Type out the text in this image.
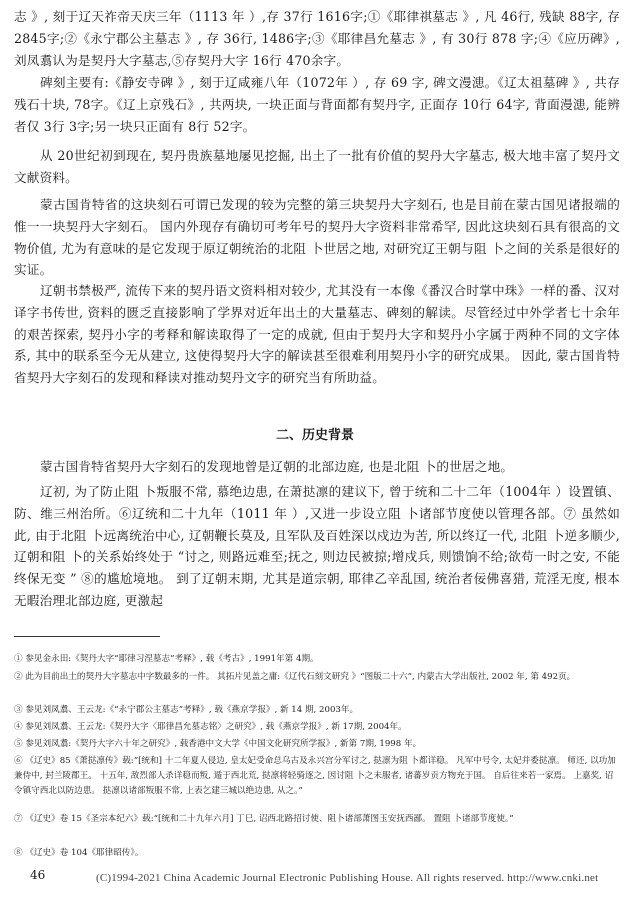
志 》, 刻于辽天祚帝天庆三年（1113 年 ）,存 37行 1616字;①《耶律祺墓志 》, 凡 46行, 残缺 88字, 存 2845字;②《永宁郡公主墓志 》, 存 36行, 1486字;③《耶律昌允墓志 》, 有 30行 878 字;④《应历碑》, 刘凤翥认为是契丹大字墓志,⑤存契丹大字 16行 470余字。

碑刻主要有:《静安寺碑 》, 刻于辽咸雍八年（1072年 ）, 存 69 字, 碑文漫漶。《辽太祖墓碑 》, 共存残石十块, 78字。《辽上京残石》, 共两块, 一块正面与背面都有契丹字, 正面存 10行 64字, 背面漫漶, 能辨者仅 3行 3字;另一块只正面有 8行 52字。

从 20世纪初到现在, 契丹贵族墓地屡见挖掘, 出土了一批有价值的契丹大字墓志, 极大地丰富了契丹文文献资料。

蒙古国肯特省的这块刻石可谓已发现的较为完整的第三块契丹大字刻石, 也是目前在蒙古国见诸报端的惟一一块契丹大字刻石。 国内外现存有确切可考年号的契丹大字资料非常希罕, 因此这块刻石具有很高的文物价值, 尤为有意味的是它发现于原辽朝统治的北阻 卜世居之地, 对研究辽王朝与阻 卜之间的关系是很好的实证。

辽朝书禁极严, 流传下来的契丹语文资料相对较少, 尤其没有一本像《番汉合时掌中珠》一样的番、汉对译字书传世, 资料的匮乏直接影响了学界对近年出土的大量墓志、碑刻的解读。尽管经过中外学者七十余年的艰苦探索, 契丹小字的考释和解读取得了一定的成就, 但由于契丹大字和契丹小字属于两种不同的文字体系, 其中的联系至今无从建立, 这使得契丹大字的解读甚至很难利用契丹小字的研究成果。 因此, 蒙古国肯特省契丹大字刻石的发现和释读对推动契丹文字的研究当有所助益。

二、历史背景

蒙古国肯特省契丹大字刻石的发现地曾是辽朝的北部边庭, 也是北阻 卜的世居之地。

辽初, 为了防止阻 卜叛服不常, 慕绝边患, 在萧挞凛的建议下, 曾于统和二十二年（1004年 ）设置镇、防、维三州治所。⑥辽统和二十九年（1011 年 ）,又进一步设立阻 卜诸部节度使以管理各部。⑦ 虽然如此, 由于北阻 卜远离统治中心, 辽朝鞭长莫及, 且军队及百姓深以戍边为苦, 所以终辽一代, 北阻 卜逆多顺少, 辽朝和阻 卜的关系始终处于 “讨之, 则路远难至;抚之, 则边民被掠;增戍兵, 则馈饷不给;欲苟一时之安, 不能终保无变 ” ⑧的尴尬境地。 到了辽朝末期, 尤其是道宗朝, 耶律乙辛乱国, 统治者佞佛喜猎, 荒淫无度, 根本无暇治理北部边庭, 更激起

① 参见金永田:《契丹大字“耶律习涅墓志”考释》, 载《考古》, 1991年第 4期。

② 此为目前出土的契丹大字墓志中字数最多的一件。 其拓片见盖之庸:《辽代石刻文研究 》“图版二十六”, 内蒙古大学出版社, 2002 年, 第 492页。

③ 参见刘凤翥、王云龙:《“永宁郡公主墓志”考释》, 载《燕京学报》, 新 14 期, 2003年。

④ 参见刘凤翥、王云龙:《契丹大字〈耶律昌允墓志铭〉之研究》, 载《燕京学报》, 新 17期, 2004年。

⑤ 参见刘凤翥:《契丹大字六十年之研究》, 载香港中文大学《中国文化研究所学报》, 新第 7期, 1998 年。

⑥ 《辽史》85《萧挞凛传》载:“[统和] 十二年夏人侵边, 皇太妃受命总乌古及永兴宫分军讨之, 挞凛为阻 卜都详稳。 凡军中号令, 太妃并委挞凛。 师还, 以功加兼侍中, 封兰陵郡王。 十五年, 敌烈部人杀详稳而叛, 遁于西北荒, 挞凛将轻骑逐之, 因讨阻 卜之未服者, 诸蕃岁贡方物充于国。 自后往来若一家焉。 上嘉奖, 诏令镇守西北以防边患。 挞凛以诸部叛服不常, 上表乞建三城以绝边患, 从之。”

⑦ 《辽史》卷 15《圣宗本纪六》载:“[统和二十九年六月] 丁巳, 诏西北路招讨使、阻卜诸部萧图玉安抚西鄙。 置阻 卜诸部节度使。”

⑧ 《辽史》卷 104《耶律昭传》。

46	(C)1994-2021 China Academic Journal Electronic Publishing House. All rights reserved. http://www.cnki.net
